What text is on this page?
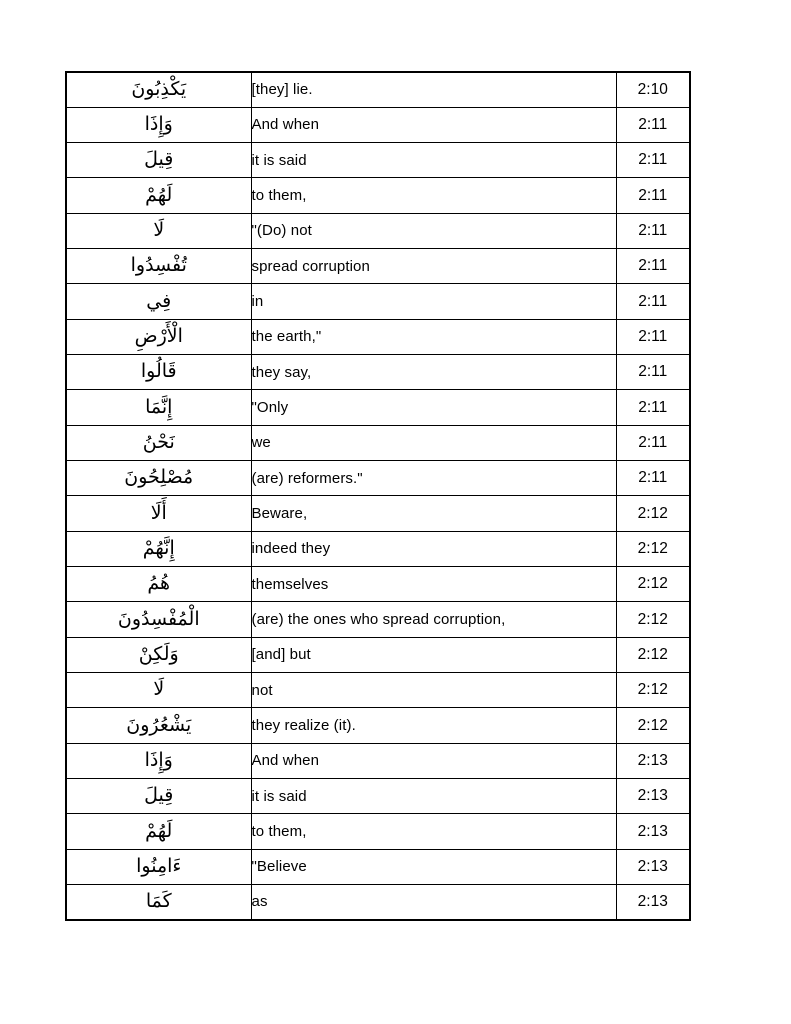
يَكْذِبُونَ	[they] lie.	2:10
وَإِذَا	And when	2:11
قِيلَ	it is said	2:11
لَهُمْ	to them,	2:11
لَا	"(Do) not	2:11
تُفْسِدُوا	spread corruption	2:11
فِي	in	2:11
الْأَرْضِ	the earth,"	2:11
قَالُوا	they say,	2:11
إِنَّمَا	"Only	2:11
نَحْنُ	we	2:11
مُصْلِحُونَ	(are) reformers."	2:11
أَلَا	Beware,	2:12
إِنَّهُمْ	indeed they	2:12
هُمُ	themselves	2:12
الْمُفْسِدُونَ	(are) the ones who spread corruption,	2:12
وَلَكِنْ	[and] but	2:12
لَا	not	2:12
يَشْعُرُونَ	they realize (it).	2:12
وَإِذَا	And when	2:13
قِيلَ	it is said	2:13
لَهُمْ	to them,	2:13
ءَامِنُوا	"Believe	2:13
كَمَا	as	2:13
